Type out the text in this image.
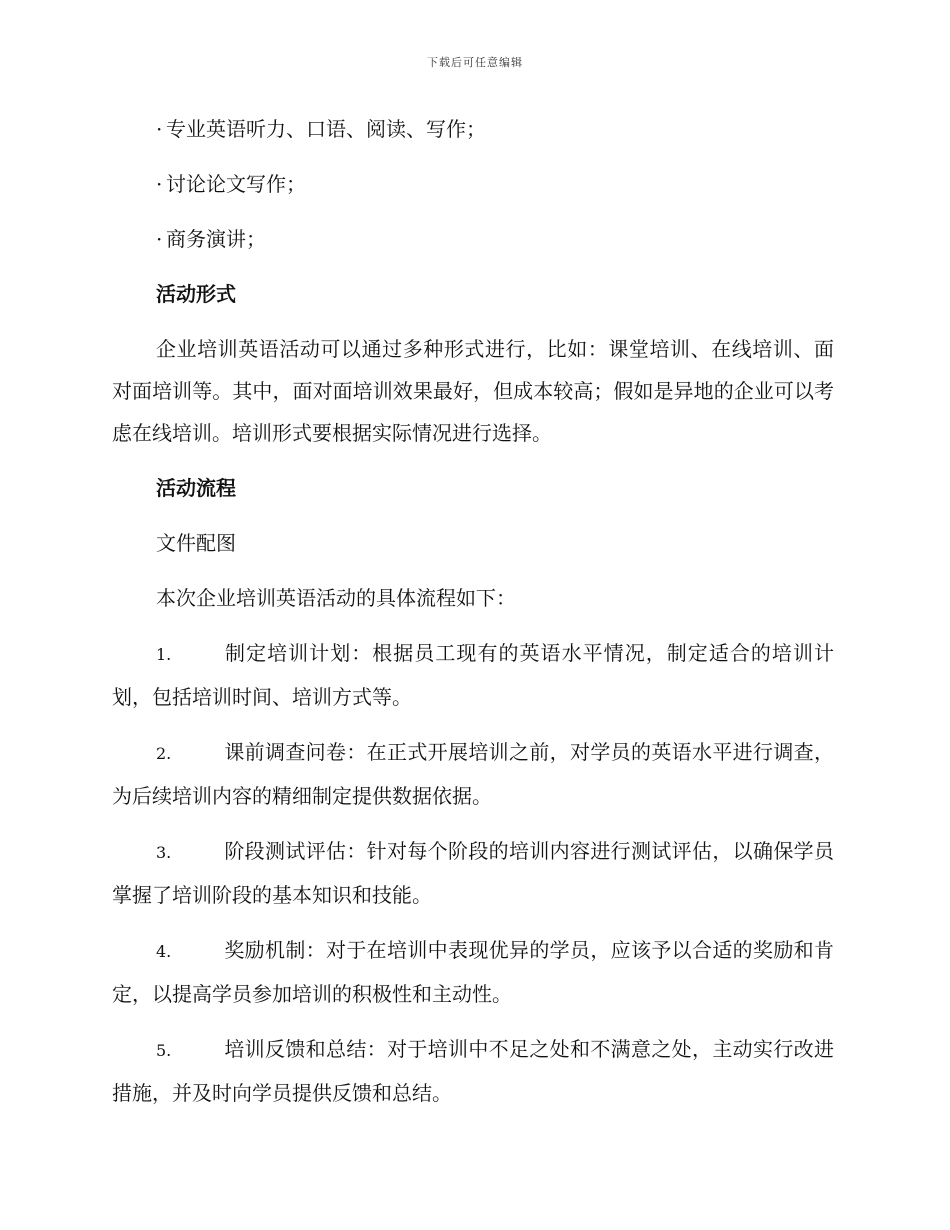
下载后可任意编辑
· 专业英语听力、口语、阅读、写作；
· 讨论论文写作；
· 商务演讲；
活动形式
企业培训英语活动可以通过多种形式进行，比如：课堂培训、在线培训、面对面培训等。其中，面对面培训效果最好，但成本较高；假如是异地的企业可以考虑在线培训。培训形式要根据实际情况进行选择。
活动流程
文件配图
本次企业培训英语活动的具体流程如下：
1.	制定培训计划：根据员工现有的英语水平情况，制定适合的培训计划，包括培训时间、培训方式等。
2.	课前调查问卷：在正式开展培训之前，对学员的英语水平进行调查，为后续培训内容的精细制定提供数据依据。
3.	阶段测试评估：针对每个阶段的培训内容进行测试评估，以确保学员掌握了培训阶段的基本知识和技能。
4.	奖励机制：对于在培训中表现优异的学员，应该予以合适的奖励和肯定，以提高学员参加培训的积极性和主动性。
5.	培训反馈和总结：对于培训中不足之处和不满意之处，主动实行改进措施，并及时向学员提供反馈和总结。
